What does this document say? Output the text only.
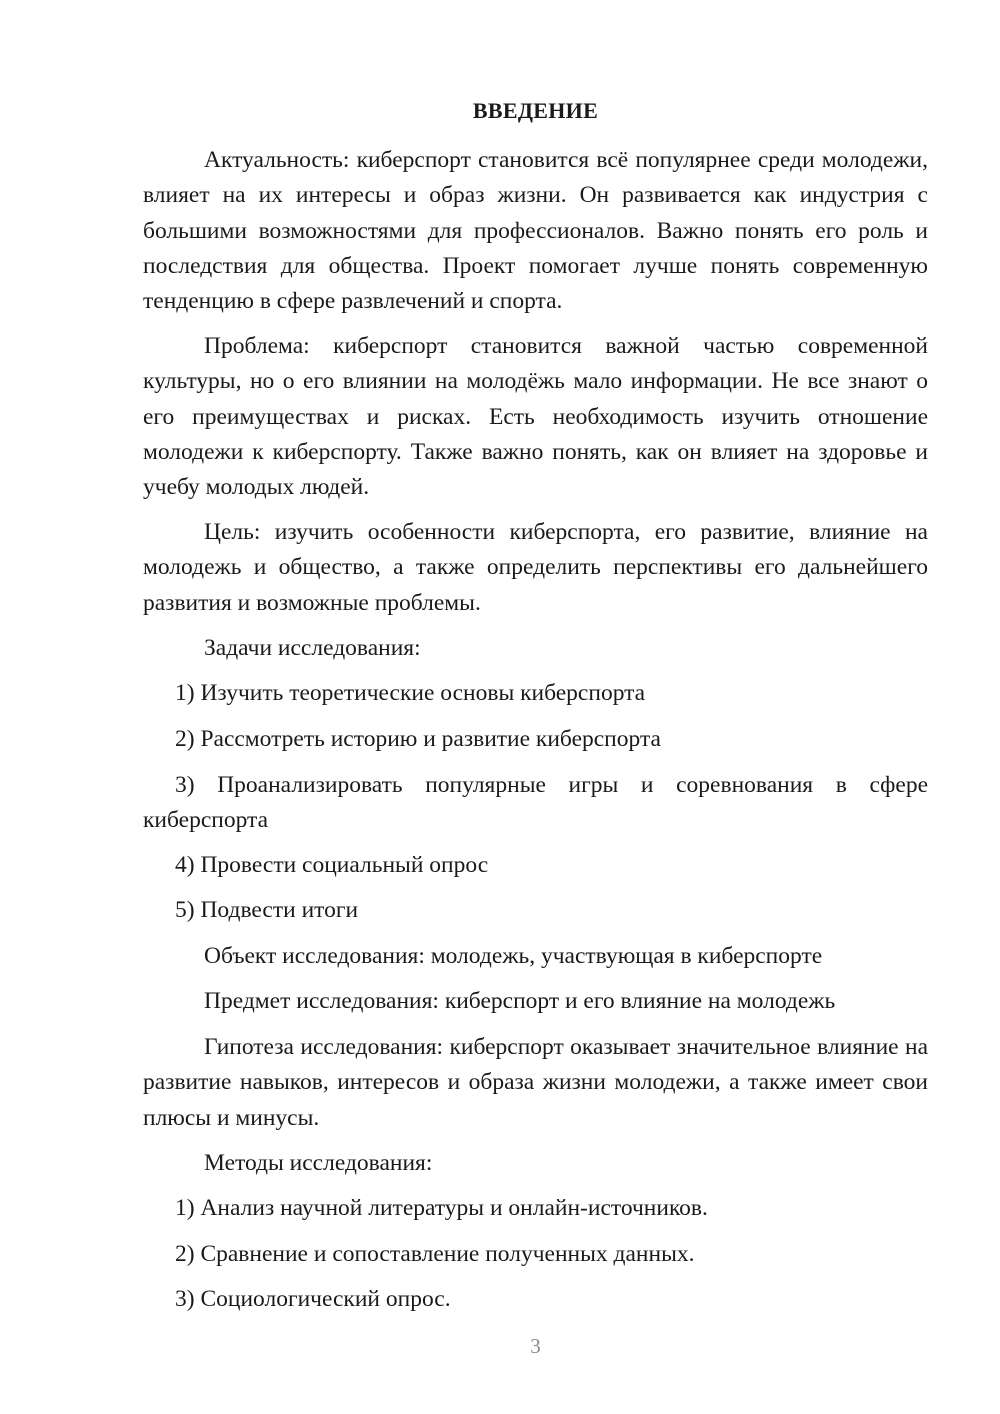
ВВЕДЕНИЕ

Актуальность: киберспорт становится всё популярнее среди молодежи, влияет на их интересы и образ жизни. Он развивается как индустрия с большими возможностями для профессионалов. Важно понять его роль и последствия для общества. Проект помогает лучше понять современную тенденцию в сфере развлечений и спорта.

Проблема: киберспорт становится важной частью современной культуры, но о его влиянии на молодёжь мало информации. Не все знают о его преимуществах и рисках. Есть необходимость изучить отношение молодежи к киберспорту. Также важно понять, как он влияет на здоровье и учебу молодых людей.

Цель: изучить особенности киберспорта, его развитие, влияние на молодежь и общество, а также определить перспективы его дальнейшего развития и возможные проблемы.

Задачи исследования:
1) Изучить теоретические основы киберспорта
2) Рассмотреть историю и развитие киберспорта

3) Проанализировать популярные игры и соревнования в сфере киберспорта

4) Провести социальный опрос
5) Подвести итоги
Объект исследования: молодежь, участвующая в киберспорте
Предмет исследования: киберспорт и его влияние на молодежь

Гипотеза исследования: киберспорт оказывает значительное влияние на развитие навыков, интересов и образа жизни молодежи, а также имеет свои плюсы и минусы.

Методы исследования:
1) Анализ научной литературы и онлайн-источников.
2) Сравнение и сопоставление полученных данных.
3) Социологический опрос.
3
